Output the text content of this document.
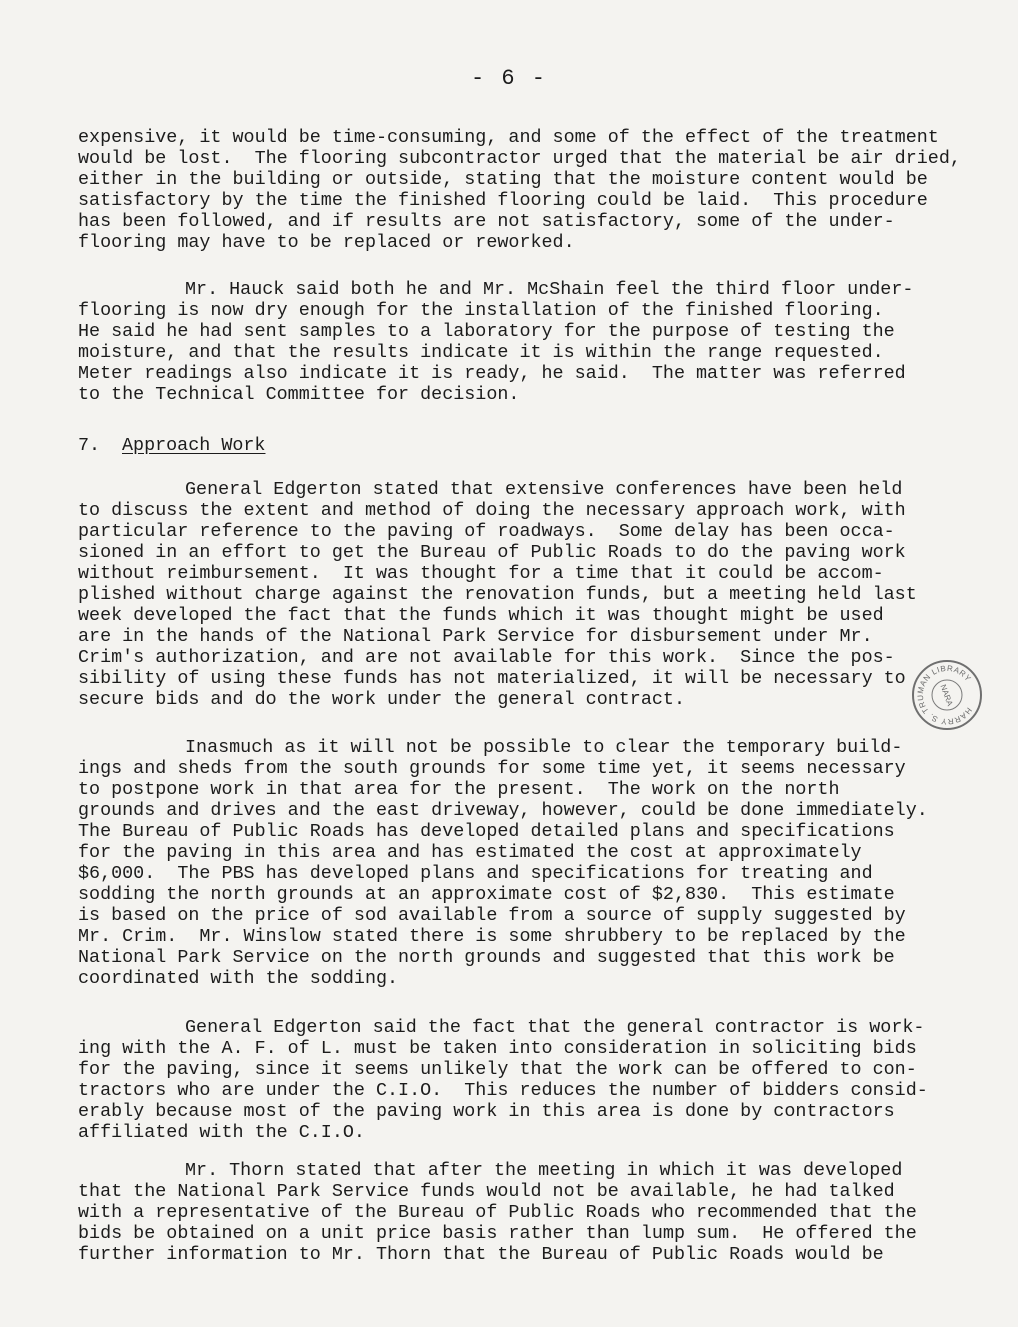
- 6 -
expensive, it would be time-consuming, and some of the effect of the treatment
would be lost.  The flooring subcontractor urged that the material be air dried,
either in the building or outside, stating that the moisture content would be
satisfactory by the time the finished flooring could be laid.  This procedure
has been followed, and if results are not satisfactory, some of the under-
flooring may have to be replaced or reworked.
Mr. Hauck said both he and Mr. McShain feel the third floor under-
flooring is now dry enough for the installation of the finished flooring.
He said he had sent samples to a laboratory for the purpose of testing the
moisture, and that the results indicate it is within the range requested.
Meter readings also indicate it is ready, he said.  The matter was referred
to the Technical Committee for decision.
7. Approach Work
General Edgerton stated that extensive conferences have been held
to discuss the extent and method of doing the necessary approach work, with
particular reference to the paving of roadways.  Some delay has been occa-
sioned in an effort to get the Bureau of Public Roads to do the paving work
without reimbursement.  It was thought for a time that it could be accom-
plished without charge against the renovation funds, but a meeting held last
week developed the fact that the funds which it was thought might be used
are in the hands of the National Park Service for disbursement under Mr.
Crim's authorization, and are not available for this work.  Since the pos-
sibility of using these funds has not materialized, it will be necessary to
secure bids and do the work under the general contract.
Inasmuch as it will not be possible to clear the temporary build-
ings and sheds from the south grounds for some time yet, it seems necessary
to postpone work in that area for the present.  The work on the north
grounds and drives and the east driveway, however, could be done immediately.
The Bureau of Public Roads has developed detailed plans and specifications
for the paving in this area and has estimated the cost at approximately
$6,000.  The PBS has developed plans and specifications for treating and
sodding the north grounds at an approximate cost of $2,830.  This estimate
is based on the price of sod available from a source of supply suggested by
Mr. Crim.  Mr. Winslow stated there is some shrubbery to be replaced by the
National Park Service on the north grounds and suggested that this work be
coordinated with the sodding.
General Edgerton said the fact that the general contractor is work-
ing with the A. F. of L. must be taken into consideration in soliciting bids
for the paving, since it seems unlikely that the work can be offered to con-
tractors who are under the C.I.O.  This reduces the number of bidders consid-
erably because most of the paving work in this area is done by contractors
affiliated with the C.I.O.
Mr. Thorn stated that after the meeting in which it was developed
that the National Park Service funds would not be available, he had talked
with a representative of the Bureau of Public Roads who recommended that the
bids be obtained on a unit price basis rather than lump sum.  He offered the
further information to Mr. Thorn that the Bureau of Public Roads would be
HARRY S. TRUMAN LIBRARY
NARA
